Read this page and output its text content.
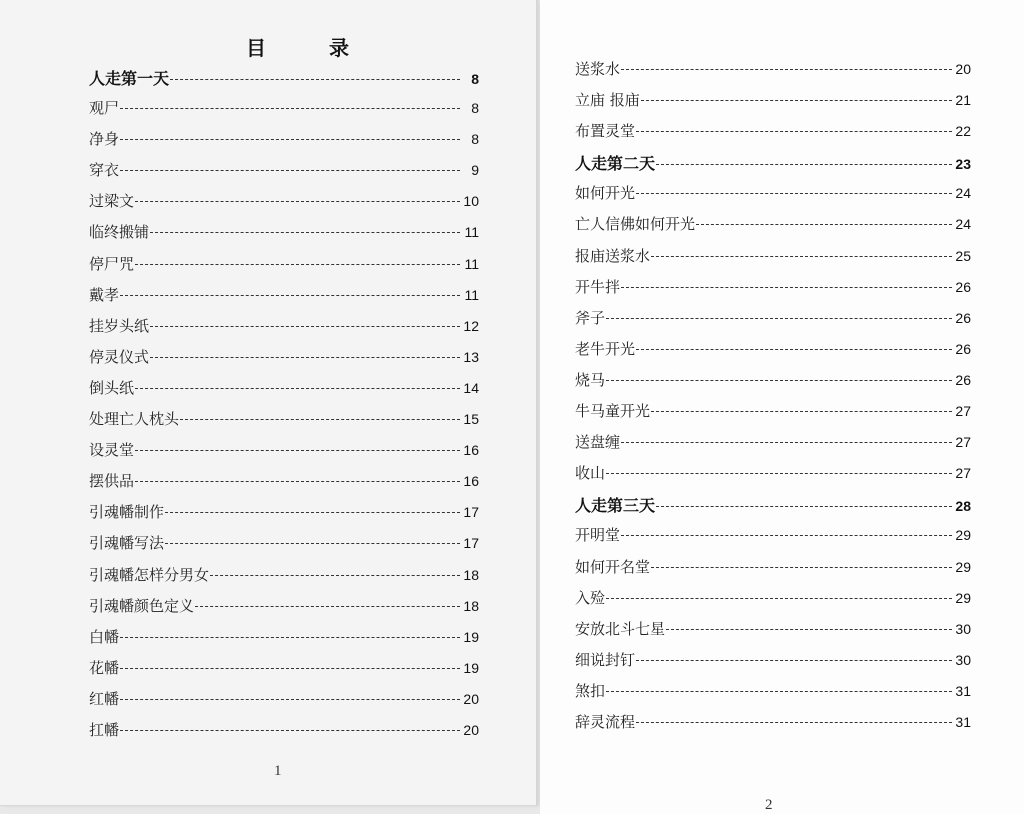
目 录
人走第一天	8
观尸	8
净身	8
穿衣	9
过梁文	10
临终搬铺	11
停尸咒	11
戴孝	11
挂岁头纸	12
停灵仪式	13
倒头纸	14
处理亡人枕头	15
设灵堂	16
摆供品	16
引魂幡制作	17
引魂幡写法	17
引魂幡怎样分男女	18
引魂幡颜色定义	18
白幡	19
花幡	19
红幡	20
扛幡	20
1
送浆水	20
立庙 报庙	21
布置灵堂	22
人走第二天	23
如何开光	24
亡人信佛如何开光	24
报庙送浆水	25
开牛拌	26
斧子	26
老牛开光	26
烧马	26
牛马童开光	27
送盘缠	27
收山	27
人走第三天	28
开明堂	29
如何开名堂	29
入殓	29
安放北斗七星	30
细说封钉	30
煞扣	31
辞灵流程	31
2
